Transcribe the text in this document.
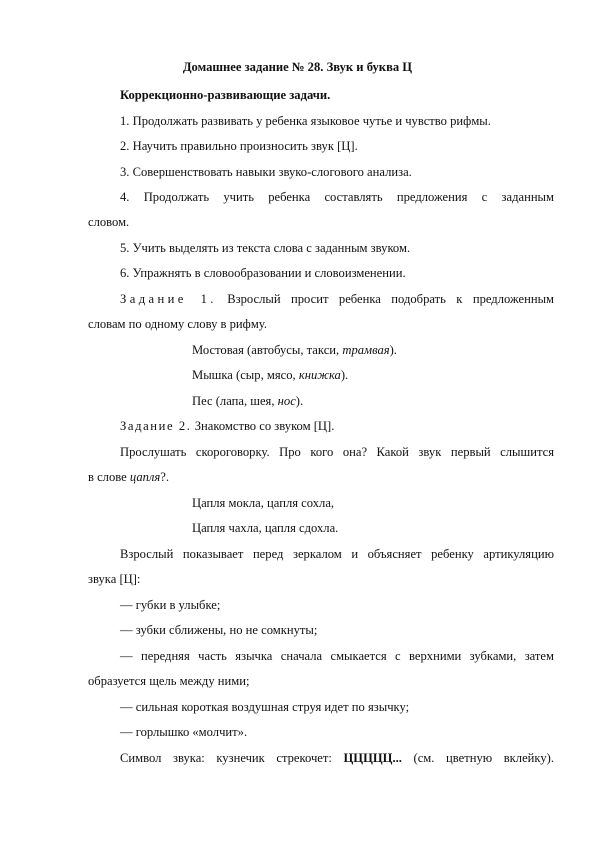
Домашнее задание № 28. Звук и буква Ц
Коррекционно-развивающие задачи.
1. Продолжать развивать у ребенка языковое чутье и чувство рифмы.
2. Научить правильно произносить звук [Ц].
3. Совершенствовать навыки звуко-слогового анализа.
4. Продолжать учить ребенка составлять предложения с заданным
словом.
5. Учить выделять из текста слова с заданным звуком.
6. Упражнять в словообразовании и словоизменении.
Задание 1. Взрослый просит ребенка подобрать к предложенным
словам по одному слову в рифму.
Мостовая (автобусы, такси, трамвая).
Мышка (сыр, мясо, книжка).
Пес (лапа, шея, нос).
Задание 2. Знакомство со звуком [Ц].
Прослушать скороговорку. Про кого она? Какой звук первый слышится
в слове цапля?.
Цапля мокла, цапля сохла,
Цапля чахла, цапля сдохла.
Взрослый показывает перед зеркалом и объясняет ребенку артикуляцию
звука [Ц]:
— губки в улыбке;
— зубки сближены, но не сомкнуты;
— передняя часть язычка сначала смыкается с верхними зубками, затем
образуется щель между ними;
— сильная короткая воздушная струя идет по язычку;
— горлышко «молчит».
Символ звука: кузнечик стрекочет: ЦЦЦЦЦ... (см. цветную вклейку).
